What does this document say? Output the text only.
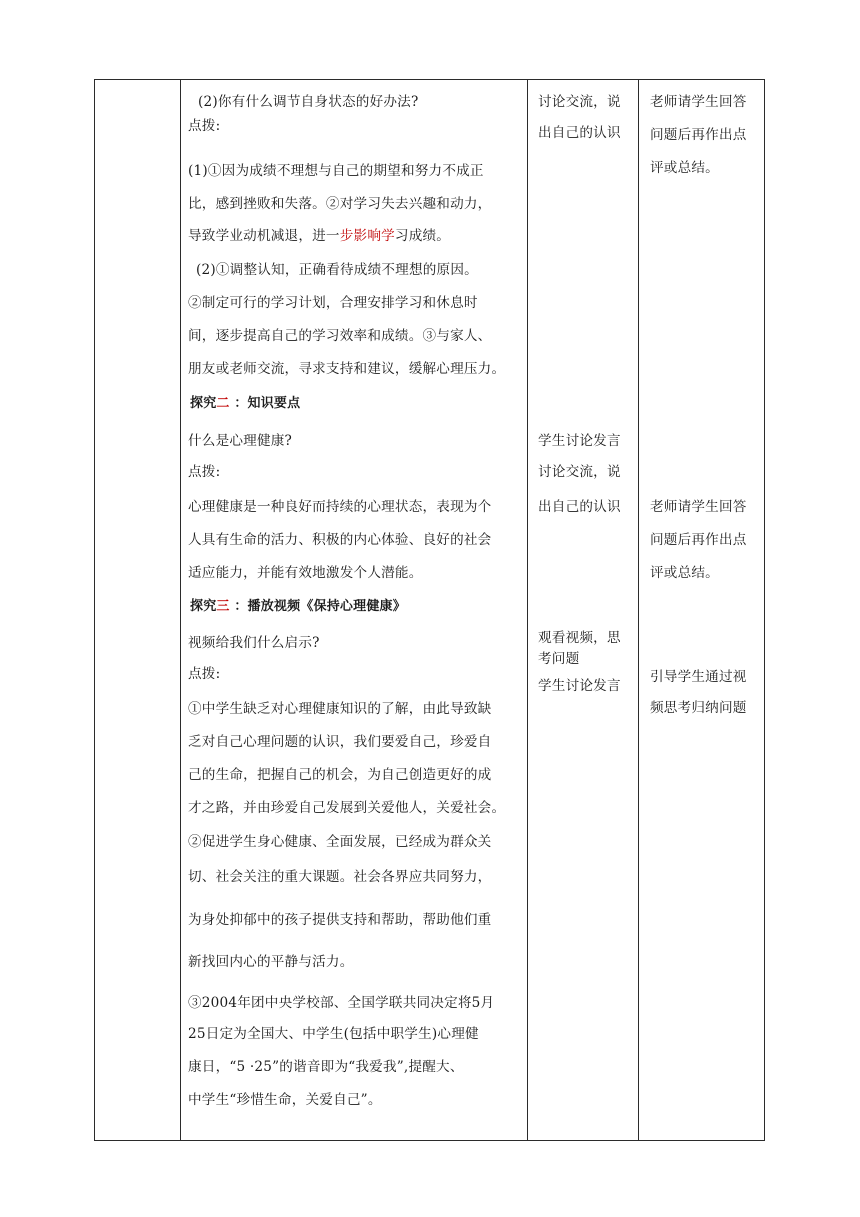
(2)你有什么调节自身状态的好办法?
点拨:
(1)①因为成绩不理想与自己的期望和努力不成正
比，感到挫败和失落。②对学习失去兴趣和动力，
导致学业动机减退，进一步影响学习成绩。
(2)①调整认知，正确看待成绩不理想的原因。
②制定可行的学习计划，合理安排学习和休息时
间，逐步提高自己的学习效率和成绩。③与家人、
朋友或老师交流，寻求支持和建议，缓解心理压力。
探究二 ：知识要点
什么是心理健康?
点拨:
心理健康是一种良好而持续的心理状态，表现为个
人具有生命的活力、积极的内心体验、良好的社会
适应能力，并能有效地激发个人潜能。
探究三 ：播放视频《保持心理健康》
视频给我们什么启示?
点拨:
①中学生缺乏对心理健康知识的了解，由此导致缺
乏对自己心理问题的认识，我们要爱自己，珍爱自
己的生命，把握自己的机会，为自己创造更好的成
才之路，并由珍爱自己发展到关爱他人，关爱社会。
②促进学生身心健康、全面发展，已经成为群众关
切、社会关注的重大课题。社会各界应共同努力，
为身处抑郁中的孩子提供支持和帮助，帮助他们重
新找回内心的平静与活力。
③2004年团中央学校部、全国学联共同决定将5月
25日定为全国大、中学生(包括中职学生)心理健
康日，“5 ·25”的谐音即为“我爱我”,提醒大、
中学生“珍惜生命，关爱自己”。
讨论交流，说
出自己的认识
学生讨论发言
讨论交流，说
出自己的认识
观看视频，思
考问题
学生讨论发言
老师请学生回答
问题后再作出点
评或总结。
老师请学生回答
问题后再作出点
评或总结。
引导学生通过视
频思考归纳问题
